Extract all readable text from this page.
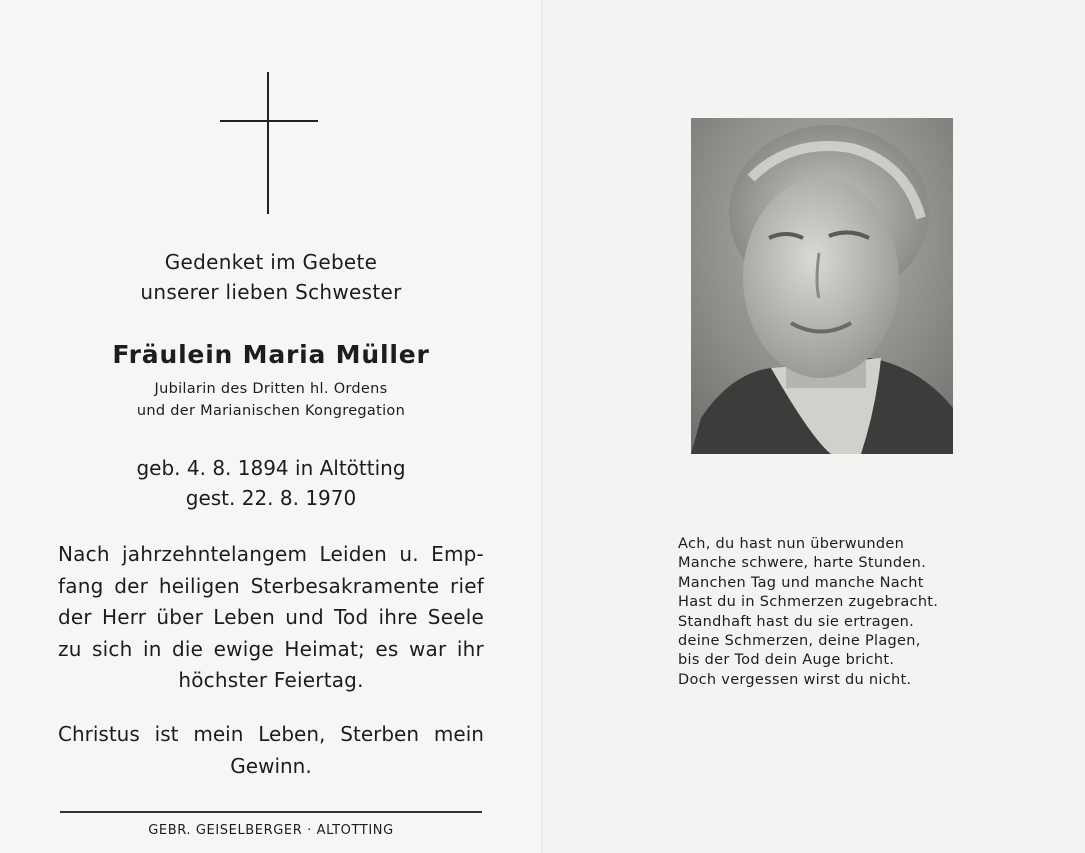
Gedenket im Gebete
unserer lieben Schwester
Fräulein Maria Müller
Jubilarin des Dritten hl. Ordens
und der Marianischen Kongregation
geb. 4. 8. 1894 in Altötting
gest. 22. 8. 1970
Nach jahrzehntelangem Leiden u. Emp-
fang der heiligen Sterbesakramente rief
der Herr über Leben und Tod ihre Seele
zu sich in die ewige Heimat; es war ihr
höchster Feiertag.
Christus ist mein Leben, Sterben mein
Gewinn.
GEBR. GEISELBERGER · ALTOTTING
Ach, du hast nun überwunden
Manche schwere, harte Stunden.
Manchen Tag und manche Nacht
Hast du in Schmerzen zugebracht.
Standhaft hast du sie ertragen.
deine Schmerzen, deine Plagen,
bis der Tod dein Auge bricht.
Doch vergessen wirst du nicht.
